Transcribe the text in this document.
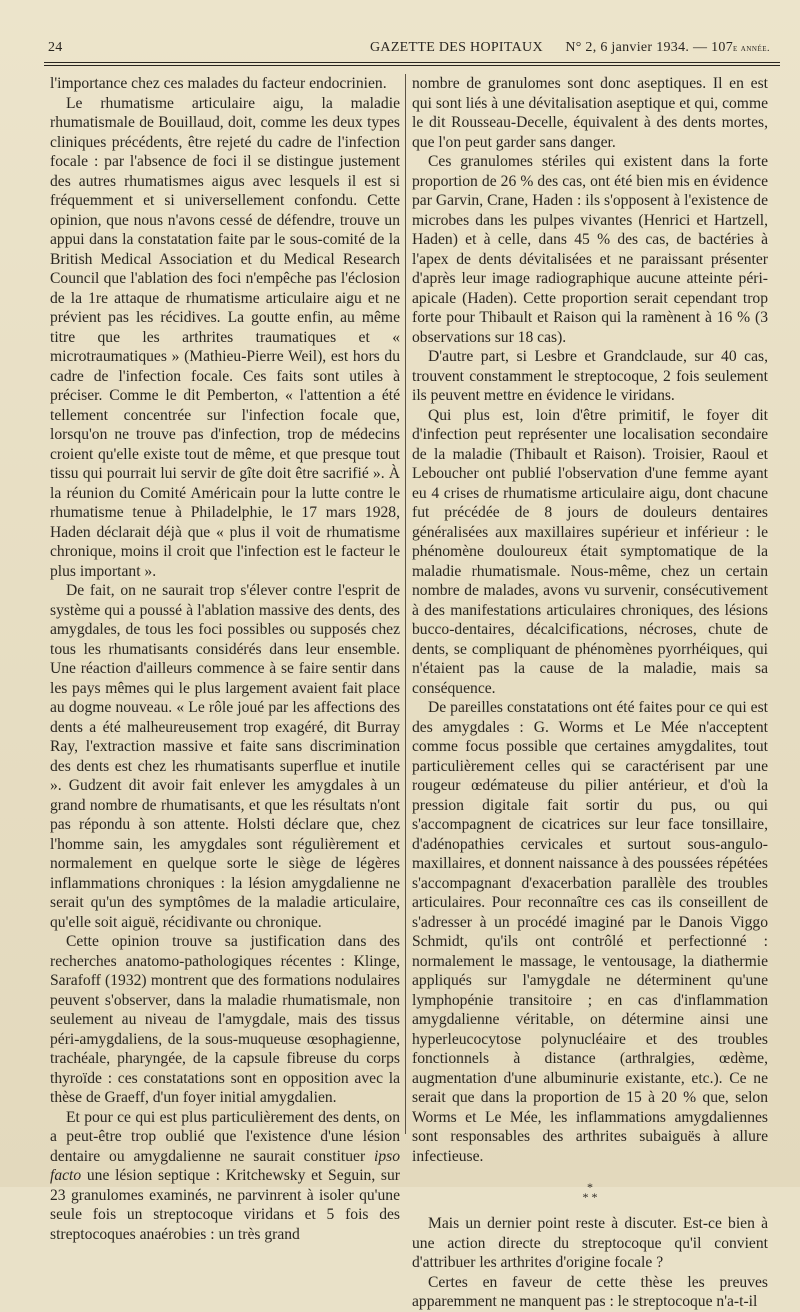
24	GAZETTE DES HOPITAUX N° 2, 6 janvier 1934. — 107e année.

l'importance chez ces malades du facteur endocrinien.

Le rhumatisme articulaire aigu, la maladie rhumatismale de Bouillaud, doit, comme les deux types cliniques précédents, être rejeté du cadre de l'infection focale : par l'absence de foci il se distingue justement des autres rhumatismes aigus avec lesquels il est si fréquemment et si universellement confondu. Cette opinion, que nous n'avons cessé de défendre, trouve un appui dans la constatation faite par le sous-comité de la British Medical Association et du Medical Research Council que l'ablation des foci n'empêche pas l'éclosion de la 1re attaque de rhumatisme articulaire aigu et ne prévient pas les récidives. La goutte enfin, au même titre que les arthrites traumatiques et « microtraumatiques » (Mathieu-Pierre Weil), est hors du cadre de l'infection focale. Ces faits sont utiles à préciser. Comme le dit Pemberton, « l'attention a été tellement concentrée sur l'infection focale que, lorsqu'on ne trouve pas d'infection, trop de médecins croient qu'elle existe tout de même, et que presque tout tissu qui pourrait lui servir de gîte doit être sacrifié ». À la réunion du Comité Américain pour la lutte contre le rhumatisme tenue à Philadelphie, le 17 mars 1928, Haden déclarait déjà que « plus il voit de rhumatisme chronique, moins il croit que l'infection est le facteur le plus important ».

De fait, on ne saurait trop s'élever contre l'esprit de système qui a poussé à l'ablation massive des dents, des amygdales, de tous les foci possibles ou supposés chez tous les rhumatisants considérés dans leur ensemble. Une réaction d'ailleurs commence à se faire sentir dans les pays mêmes qui le plus largement avaient fait place au dogme nouveau. « Le rôle joué par les affections des dents a été malheureusement trop exagéré, dit Burray Ray, l'extraction massive et faite sans discrimination des dents est chez les rhumatisants superflue et inutile ». Gudzent dit avoir fait enlever les amygdales à un grand nombre de rhumatisants, et que les résultats n'ont pas répondu à son attente. Holsti déclare que, chez l'homme sain, les amygdales sont régulièrement et normalement en quelque sorte le siège de légères inflammations chroniques : la lésion amygdalienne ne serait qu'un des symptômes de la maladie articulaire, qu'elle soit aiguë, récidivante ou chronique.

Cette opinion trouve sa justification dans des recherches anatomo-pathologiques récentes : Klinge, Sarafoff (1932) montrent que des formations nodulaires peuvent s'observer, dans la maladie rhumatismale, non seulement au niveau de l'amygdale, mais des tissus péri-amygdaliens, de la sous-muqueuse œsophagienne, trachéale, pharyngée, de la capsule fibreuse du corps thyroïde : ces constatations sont en opposition avec la thèse de Graeff, d'un foyer initial amygdalien.

Et pour ce qui est plus particulièrement des dents, on a peut-être trop oublié que l'existence d'une lésion dentaire ou amygdalienne ne saurait constituer ipso facto une lésion septique : Kritchewsky et Seguin, sur 23 granulomes examinés, ne parvinrent à isoler qu'une seule fois un streptocoque viridans et 5 fois des streptocoques anaérobies : un très grand

nombre de granulomes sont donc aseptiques. Il en est qui sont liés à une dévitalisation aseptique et qui, comme le dit Rousseau-Decelle, équivalent à des dents mortes, que l'on peut garder sans danger.

Ces granulomes stériles qui existent dans la forte proportion de 26 % des cas, ont été bien mis en évidence par Garvin, Crane, Haden : ils s'opposent à l'existence de microbes dans les pulpes vivantes (Henrici et Hartzell, Haden) et à celle, dans 45 % des cas, de bactéries à l'apex de dents dévitalisées et ne paraissant présenter d'après leur image radiographique aucune atteinte péri-apicale (Haden). Cette proportion serait cependant trop forte pour Thibault et Raison qui la ramènent à 16 % (3 observations sur 18 cas).

D'autre part, si Lesbre et Grandclaude, sur 40 cas, trouvent constamment le streptocoque, 2 fois seulement ils peuvent mettre en évidence le viridans.

Qui plus est, loin d'être primitif, le foyer dit d'infection peut représenter une localisation secondaire de la maladie (Thibault et Raison). Troisier, Raoul et Leboucher ont publié l'observation d'une femme ayant eu 4 crises de rhumatisme articulaire aigu, dont chacune fut précédée de 8 jours de douleurs dentaires généralisées aux maxillaires supérieur et inférieur : le phénomène douloureux était symptomatique de la maladie rhumatismale. Nous-même, chez un certain nombre de malades, avons vu survenir, consécutivement à des manifestations articulaires chroniques, des lésions bucco-dentaires, décalcifications, nécroses, chute de dents, se compliquant de phénomènes pyorrhéiques, qui n'étaient pas la cause de la maladie, mais sa conséquence.

De pareilles constatations ont été faites pour ce qui est des amygdales : G. Worms et Le Mée n'acceptent comme focus possible que certaines amygdalites, tout particulièrement celles qui se caractérisent par une rougeur œdémateuse du pilier antérieur, et d'où la pression digitale fait sortir du pus, ou qui s'accompagnent de cicatrices sur leur face tonsillaire, d'adénopathies cervicales et surtout sous-angulo-maxillaires, et donnent naissance à des poussées répétées s'accompagnant d'exacerbation parallèle des troubles articulaires. Pour reconnaître ces cas ils conseillent de s'adresser à un procédé imaginé par le Danois Viggo Schmidt, qu'ils ont contrôlé et perfectionné : normalement le massage, le ventousage, la diathermie appliqués sur l'amygdale ne déterminent qu'une lymphopénie transitoire ; en cas d'inflammation amygdalienne véritable, on détermine ainsi une hyperleucocytose polynucléaire et des troubles fonctionnels à distance (arthralgies, œdème, augmentation d'une albuminurie existante, etc.). Ce ne serait que dans la proportion de 15 à 20 % que, selon Worms et Le Mée, les inflammations amygdaliennes sont responsables des arthrites subaiguës à allure infectieuse.

*
* *

Mais un dernier point reste à discuter. Est-ce bien à une action directe du streptocoque qu'il convient d'attribuer les arthrites d'origine focale ?

Certes en faveur de cette thèse les preuves apparemment ne manquent pas : le streptocoque n'a-t-il
